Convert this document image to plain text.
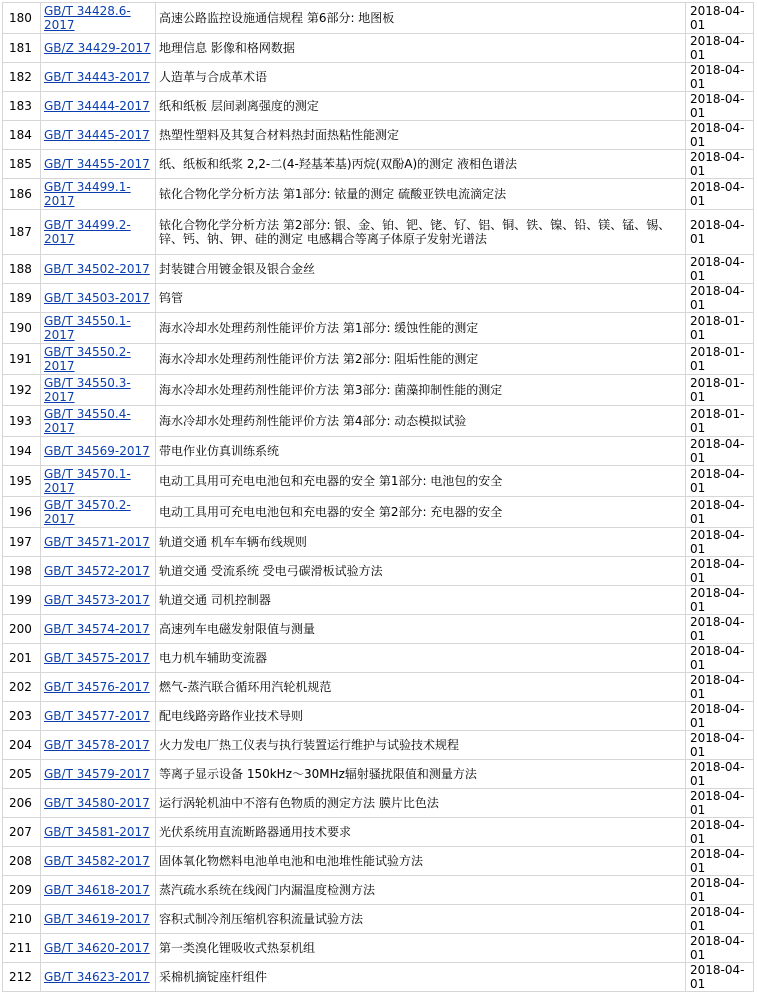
180	GB/T 34428.6-2017	高速公路监控设施通信规程 第6部分: 地图板	2018-04-01
181	GB/Z 34429-2017	地理信息 影像和格网数据	2018-04-01
182	GB/T 34443-2017	人造革与合成革术语	2018-04-01
183	GB/T 34444-2017	纸和纸板 层间剥离强度的测定	2018-04-01
184	GB/T 34445-2017	热塑性塑料及其复合材料热封面热粘性能测定	2018-04-01
185	GB/T 34455-2017	纸、纸板和纸浆 2,2-二(4-羟基苯基)丙烷(双酚A)的测定 液相色谱法	2018-04-01
186	GB/T 34499.1-2017	铱化合物化学分析方法 第1部分: 铱量的测定 硫酸亚铁电流滴定法	2018-04-01
187	GB/T 34499.2-2017	铱化合物化学分析方法 第2部分: 银、金、铂、钯、铑、钌、铝、铜、铁、镍、铅、镁、锰、锡、锌、钙、钠、钾、硅的测定 电感耦合等离子体原子发射光谱法	2018-04-01
188	GB/T 34502-2017	封装键合用镀金银及银合金丝	2018-04-01
189	GB/T 34503-2017	钨管	2018-04-01
190	GB/T 34550.1-2017	海水冷却水处理药剂性能评价方法 第1部分: 缓蚀性能的测定	2018-01-01
191	GB/T 34550.2-2017	海水冷却水处理药剂性能评价方法 第2部分: 阻垢性能的测定	2018-01-01
192	GB/T 34550.3-2017	海水冷却水处理药剂性能评价方法 第3部分: 菌藻抑制性能的测定	2018-01-01
193	GB/T 34550.4-2017	海水冷却水处理药剂性能评价方法 第4部分: 动态模拟试验	2018-01-01
194	GB/T 34569-2017	带电作业仿真训练系统	2018-04-01
195	GB/T 34570.1-2017	电动工具用可充电电池包和充电器的安全 第1部分: 电池包的安全	2018-04-01
196	GB/T 34570.2-2017	电动工具用可充电电池包和充电器的安全 第2部分: 充电器的安全	2018-04-01
197	GB/T 34571-2017	轨道交通 机车车辆布线规则	2018-04-01
198	GB/T 34572-2017	轨道交通 受流系统 受电弓碳滑板试验方法	2018-04-01
199	GB/T 34573-2017	轨道交通 司机控制器	2018-04-01
200	GB/T 34574-2017	高速列车电磁发射限值与测量	2018-04-01
201	GB/T 34575-2017	电力机车辅助变流器	2018-04-01
202	GB/T 34576-2017	燃气-蒸汽联合循环用汽轮机规范	2018-04-01
203	GB/T 34577-2017	配电线路旁路作业技术导则	2018-04-01
204	GB/T 34578-2017	火力发电厂热工仪表与执行装置运行维护与试验技术规程	2018-04-01
205	GB/T 34579-2017	等离子显示设备 150kHz～30MHz辐射骚扰限值和测量方法	2018-04-01
206	GB/T 34580-2017	运行涡轮机油中不溶有色物质的测定方法 膜片比色法	2018-04-01
207	GB/T 34581-2017	光伏系统用直流断路器通用技术要求	2018-04-01
208	GB/T 34582-2017	固体氧化物燃料电池单电池和电池堆性能试验方法	2018-04-01
209	GB/T 34618-2017	蒸汽疏水系统在线阀门内漏温度检测方法	2018-04-01
210	GB/T 34619-2017	容积式制冷剂压缩机容积流量试验方法	2018-04-01
211	GB/T 34620-2017	第一类溴化锂吸收式热泵机组	2018-04-01
212	GB/T 34623-2017	采棉机摘锭座杆组件	2018-04-01
